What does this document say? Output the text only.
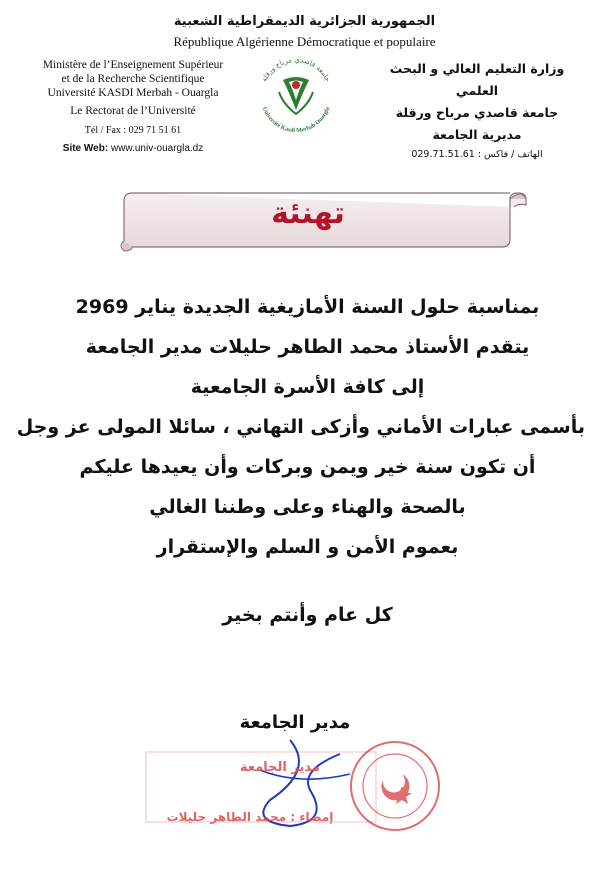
الجمهورية الجزائرية الديمقراطية الشعبية
République Algérienne Démocratique et populaire
Ministère de l’Enseignement Supérieur
et de la Recherche Scientifique
Université KASDI Merbah - Ouargla
Le Rectorat de l’Université
Tél / Fax : 029 71 51 61
Site Web: www.univ-ouargla.dz
جامعة قاصدي مرباح ورقلة
Université Kasdi Merbah Ouargla
وزارة التعليم العالي و البحث العلمي
جامعة قاصدي مرباح ورقلة
مديرية الجامعة
الهاتف / فاكس : 029.71.51.61
تهنئة
بمناسبة حلول السنة الأمازيغية الجديدة يناير 2969
يتقدم الأستاذ محمد الطاهر حليلات مدير الجامعة
إلى كافة الأسرة الجامعية
بأسمى عبارات الأماني وأزكى التهاني ، سائلا المولى عز وجل
أن تكون سنة خير ويمن وبركات وأن يعيدها عليكم
بالصحة والهناء وعلى وطننا الغالي
بعموم الأمن و السلم والإستقرار
كل عام وأنتم بخير
مدير الجامعة
مدير الجامعة
إمضاء : محمد الطاهر حليلات
